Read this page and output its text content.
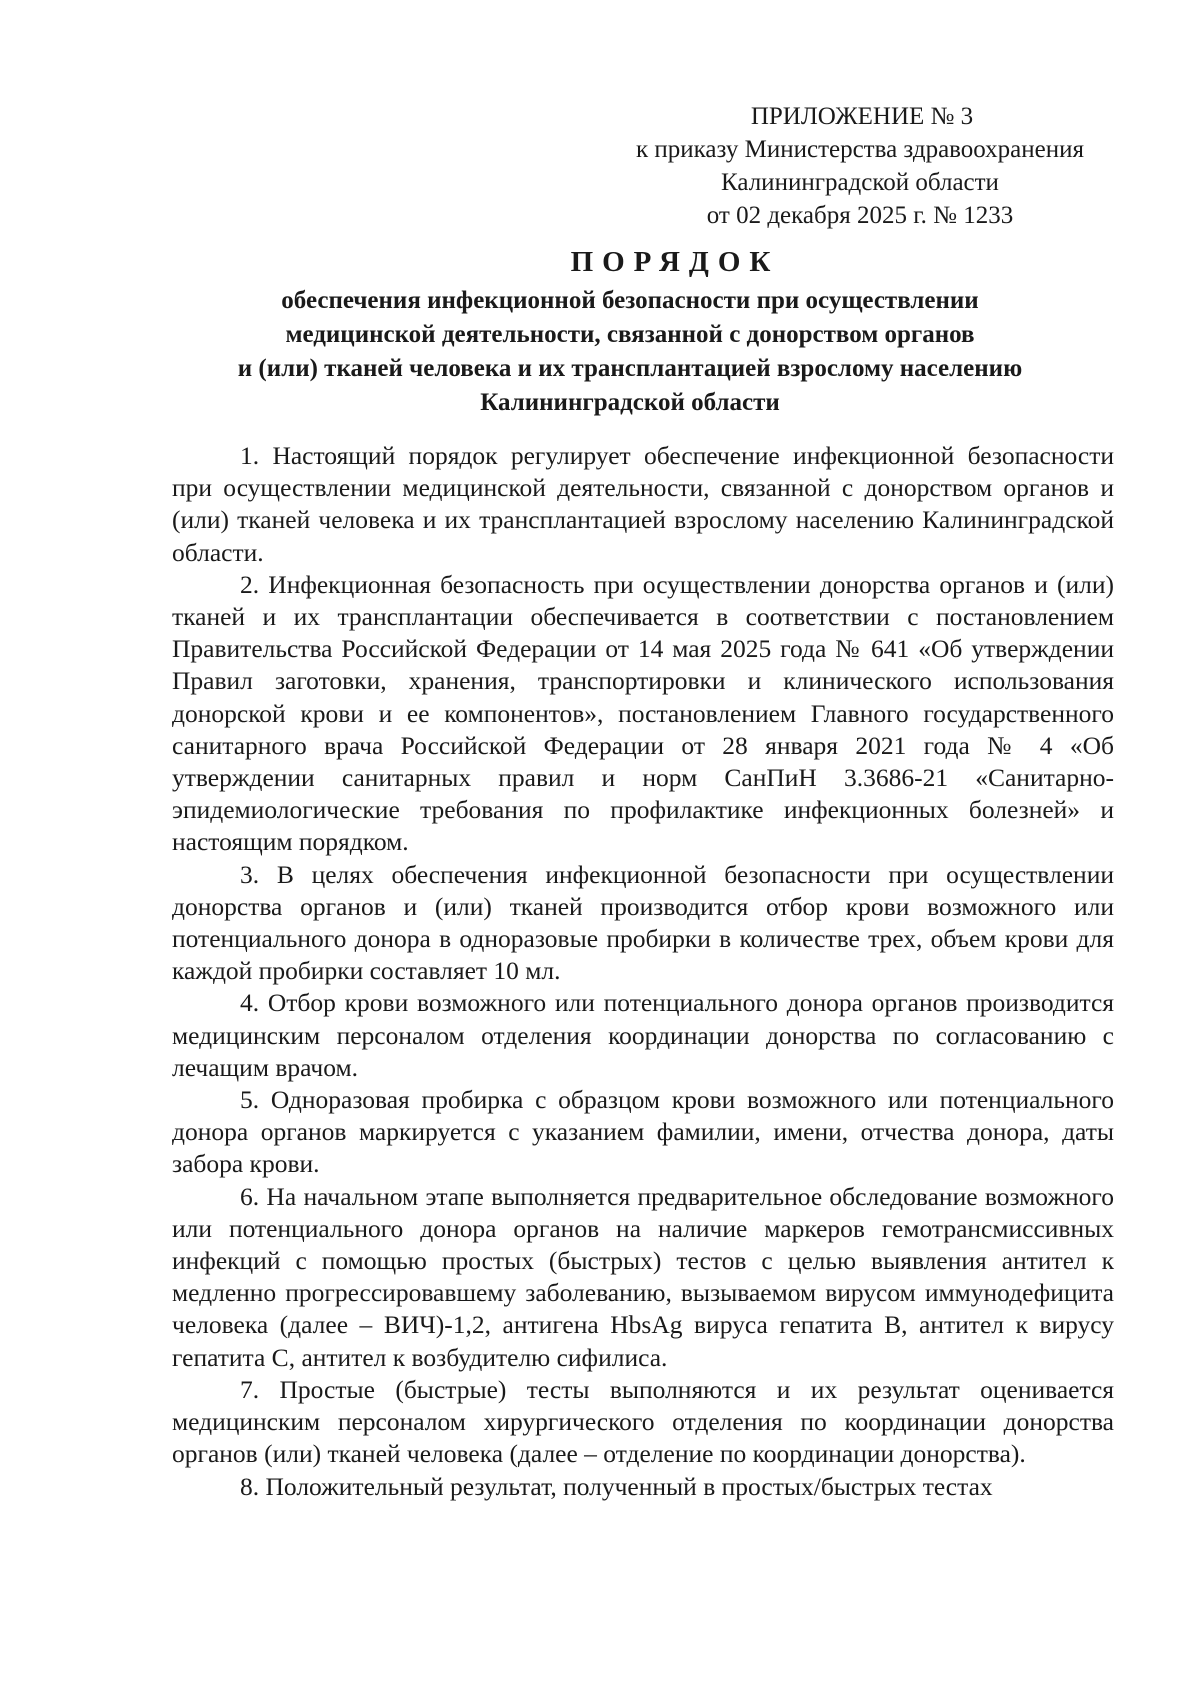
ПРИЛОЖЕНИЕ № 3
к приказу Министерства здравоохранения
Калининградской области
от 02 декабря 2025 г. № 1233
ПОРЯДОК
обеспечения инфекционной безопасности при осуществлении
медицинской деятельности, связанной с донорством органов
и (или) тканей человека и их трансплантацией взрослому населению
Калининградской области

1. Настоящий порядок регулирует обеспечение инфекционной безопасности при осуществлении медицинской деятельности, связанной с донорством органов и (или) тканей человека и их трансплантацией взрослому населению Калининградской области.

2. Инфекционная безопасность при осуществлении донорства органов и (или) тканей и их трансплантации обеспечивается в соответствии с постановлением Правительства Российской Федерации от 14 мая 2025 года № 641 «Об утверждении Правил заготовки, хранения, транспортировки и клинического использования донорской крови и ее компонентов», постановлением Главного государственного санитарного врача Российской Федерации от 28 января 2021 года № 4 «Об утверждении санитарных правил и норм СанПиН 3.3686-21 «Санитарно-эпидемиологические требования по профилактике инфекционных болезней» и настоящим порядком.

3. В целях обеспечения инфекционной безопасности при осуществлении донорства органов и (или) тканей производится отбор крови возможного или потенциального донора в одноразовые пробирки в количестве трех, объем крови для каждой пробирки составляет 10 мл.

4. Отбор крови возможного или потенциального донора органов производится медицинским персоналом отделения координации донорства по согласованию с лечащим врачом.

5. Одноразовая пробирка с образцом крови возможного или потенциального донора органов маркируется с указанием фамилии, имени, отчества донора, даты забора крови.

6. На начальном этапе выполняется предварительное обследование возможного или потенциального донора органов на наличие маркеров гемотрансмиссивных инфекций с помощью простых (быстрых) тестов с целью выявления антител к медленно прогрессировавшему заболеванию, вызываемом вирусом иммунодефицита человека (далее – ВИЧ)-1,2, антигена HbsAg вируса гепатита В, антител к вирусу гепатита С, антител к возбудителю сифилиса.

7. Простые (быстрые) тесты выполняются и их результат оценивается медицинским персоналом хирургического отделения по координации донорства органов (или) тканей человека (далее – отделение по координации донорства).

8. Положительный результат, полученный в простых/быстрых тестах
